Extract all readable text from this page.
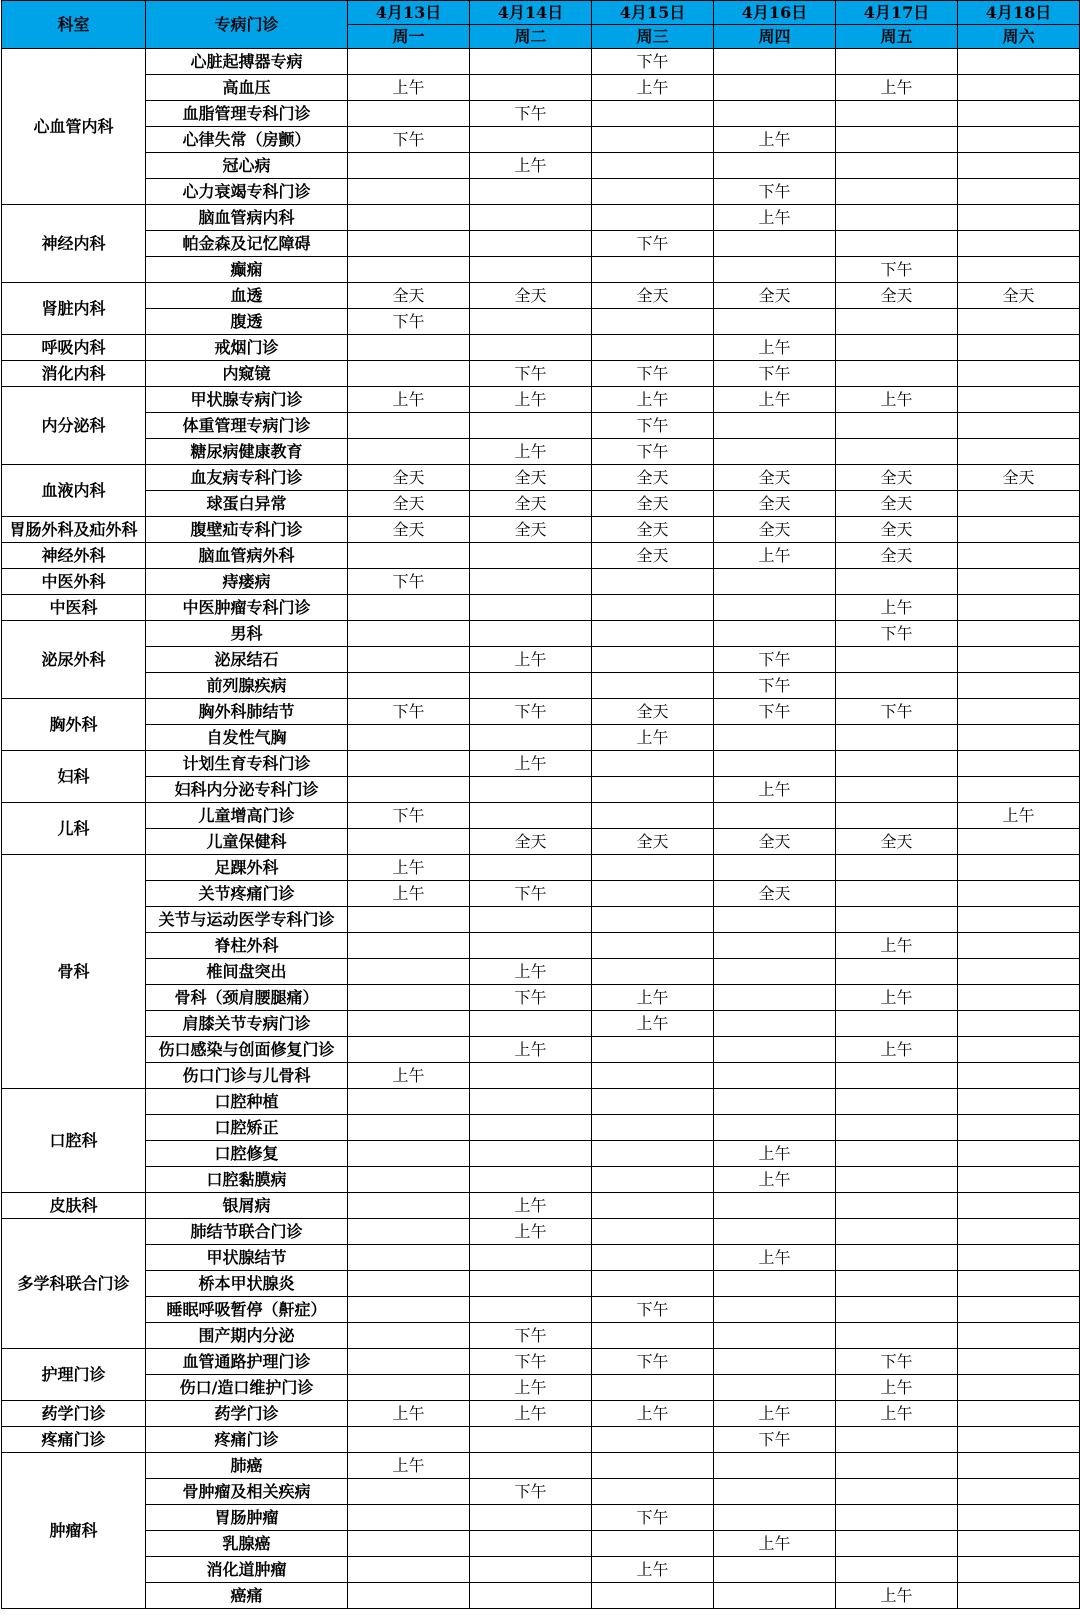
科室	专病门诊	4月13日	4月14日	4月15日	4月16日	4月17日	4月18日
		周一	周二	周三	周四	周五	周六
心血管内科	心脏起搏器专病			下午			
	高血压	上午		上午		上午	
	血脂管理专科门诊		下午				
	心律失常（房颤）	下午			上午		
	冠心病		上午				
	心力衰竭专科门诊				下午		
神经内科	脑血管病内科				上午		
	帕金森及记忆障碍			下午			
	癫痫					下午	
肾脏内科	血透	全天	全天	全天	全天	全天	全天
	腹透	下午					
呼吸内科	戒烟门诊				上午		
消化内科	内窥镜		下午	下午	下午		
内分泌科	甲状腺专病门诊	上午	上午	上午	上午	上午	
	体重管理专病门诊			下午			
	糖尿病健康教育		上午	下午			
血液内科	血友病专科门诊	全天	全天	全天	全天	全天	全天
	球蛋白异常	全天	全天	全天	全天	全天	
胃肠外科及疝外科	腹壁疝专科门诊	全天	全天	全天	全天	全天	
神经外科	脑血管病外科			全天	上午	全天	
中医外科	痔瘘病	下午					
中医科	中医肿瘤专科门诊					上午	
泌尿外科	男科					下午	
	泌尿结石		上午		下午		
	前列腺疾病				下午		
胸外科	胸外科肺结节	下午	下午	全天	下午	下午	
	自发性气胸			上午			
妇科	计划生育专科门诊		上午				
	妇科内分泌专科门诊				上午		
儿科	儿童增高门诊	下午					上午
	儿童保健科		全天	全天	全天	全天	
骨科	足踝外科	上午					
	关节疼痛门诊	上午	下午		全天		
	关节与运动医学专科门诊						
	脊柱外科					上午	
	椎间盘突出		上午				
	骨科（颈肩腰腿痛）		下午	上午		上午	
	肩膝关节专病门诊			上午			
	伤口感染与创面修复门诊		上午			上午	
	伤口门诊与儿骨科	上午					
口腔科	口腔种植						
	口腔矫正						
	口腔修复				上午		
	口腔黏膜病				上午		
皮肤科	银屑病		上午				
多学科联合门诊	肺结节联合门诊		上午				
	甲状腺结节				上午		
	桥本甲状腺炎						
	睡眠呼吸暂停（鼾症）			下午			
	围产期内分泌		下午				
护理门诊	血管通路护理门诊		下午	下午		下午	
	伤口/造口维护门诊		上午			上午	
药学门诊	药学门诊	上午	上午	上午	上午	上午	
疼痛门诊	疼痛门诊				下午		
肿瘤科	肺癌	上午					
	骨肿瘤及相关疾病		下午				
	胃肠肿瘤			下午			
	乳腺癌				上午		
	消化道肿瘤			上午			
	癌痛					上午	
